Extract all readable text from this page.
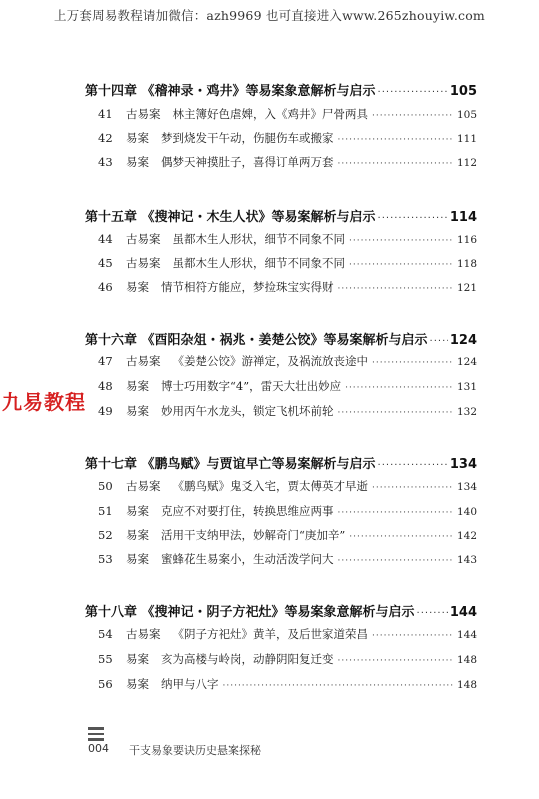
上万套周易教程请加微信：azh9969 也可直接进入www.265zhouyiw.com
第十四章 《稽神录・鸡井》等易案象意解析与启示 ·····	105
41	古易案 林主簿好色虐婢，入《鸡井》尸骨两具 ·····	105
42	易案 梦到烧发干午动，伤腿伤车或搬家 ·····	111
43	易案 偶梦天神摸肚子，喜得订单两万套 ·····	112
第十五章 《搜神记・木生人状》等易案解析与启示 ·····	114
44	古易案 虽都木生人形状，细节不同象不同 ·····	116
45	古易案 虽都木生人形状，细节不同象不同 ·····	118
46	易案 情节相符方能应，梦捡珠宝实得财 ·····	121
第十六章 《酉阳杂俎・祸兆・姜楚公饺》等易案解析与启示 ····· 124
47	古易案 《姜楚公饺》游禅定，及祸流放丧途中 ·····	124
48	易案 博士巧用数字“4”，雷天大壮出妙应 ·····	131
49	易案 妙用丙午水龙头，锁定飞机坏前轮 ·····	132
第十七章 《鹏鸟赋》与贾谊早亡等易案解析与启示 ·····	134
50	古易案 《鹏鸟赋》鬼爻入宅，贾太傅英才早逝 ·····	134
51	易案 克应不对要打住，转换思维应两事 ·····	140
52	易案 活用干支纳甲法，妙解奇门“庚加辛” ·····	142
53	易案 蜜蜂花生易案小，生动活泼学问大 ·····	143
第十八章 《搜神记・阴子方祀灶》等易案象意解析与启示 ·····	144
54	古易案 《阴子方祀灶》黄羊，及后世家道荣昌 ·····	144
55	易案 亥为高楼与岭岗，动静阴阳复迁变 ·····	148
56	易案 纳甲与八字 ·····	148
九易教程
004 干支易象要诀历史悬案探秘
